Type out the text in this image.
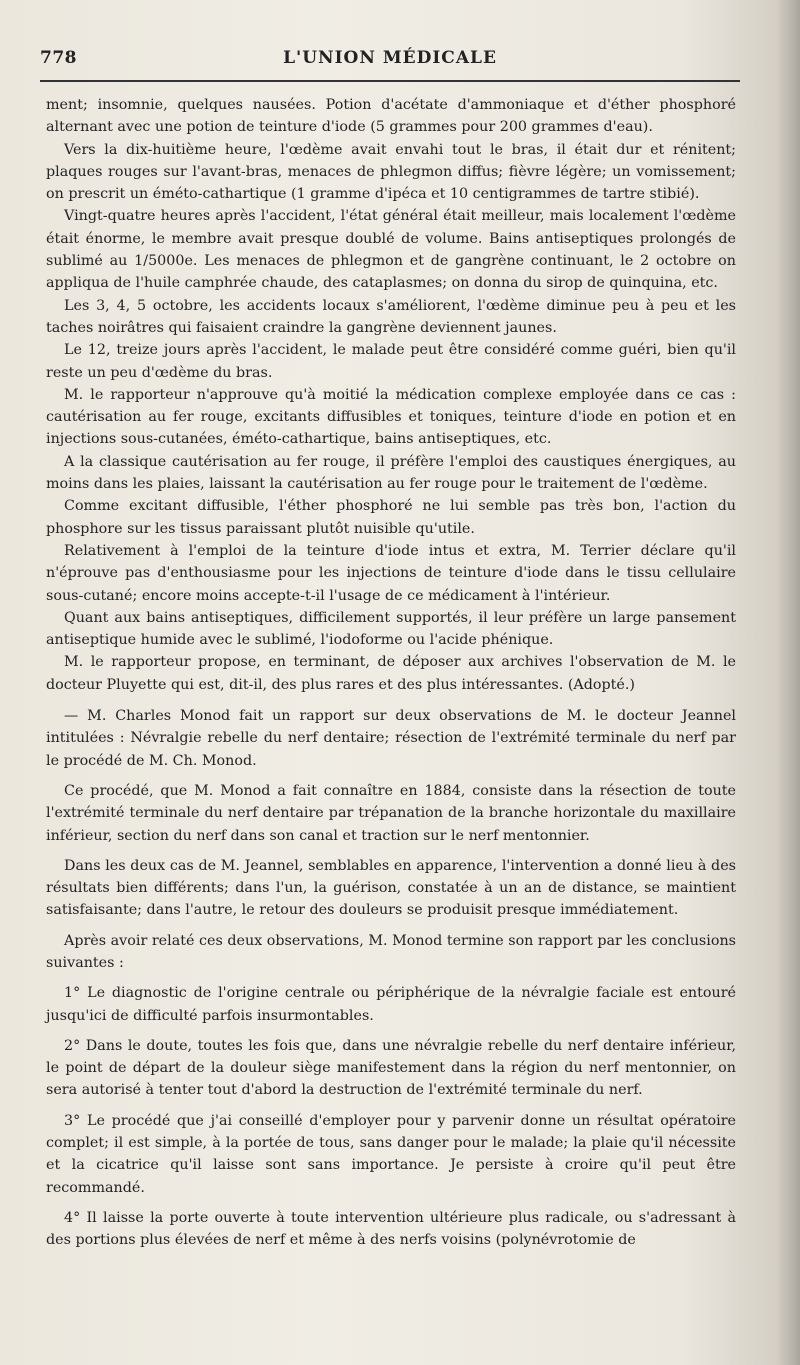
778	L'UNION MÉDICALE

ment; insomnie, quelques nausées. Potion d'acétate d'ammoniaque et d'éther phosphoré alternant avec une potion de teinture d'iode (5 grammes pour 200 grammes d'eau).

Vers la dix-huitième heure, l'œdème avait envahi tout le bras, il était dur et rénitent; plaques rouges sur l'avant-bras, menaces de phlegmon diffus; fièvre légère; un vomissement; on prescrit un éméto-cathartique (1 gramme d'ipéca et 10 centigrammes de tartre stibié).

Vingt-quatre heures après l'accident, l'état général était meilleur, mais localement l'œdème était énorme, le membre avait presque doublé de volume. Bains antiseptiques prolongés de sublimé au 1/5000e. Les menaces de phlegmon et de gangrène continuant, le 2 octobre on appliqua de l'huile camphrée chaude, des cataplasmes; on donna du sirop de quinquina, etc.

Les 3, 4, 5 octobre, les accidents locaux s'améliorent, l'œdème diminue peu à peu et les taches noirâtres qui faisaient craindre la gangrène deviennent jaunes.

Le 12, treize jours après l'accident, le malade peut être considéré comme guéri, bien qu'il reste un peu d'œdème du bras.

M. le rapporteur n'approuve qu'à moitié la médication complexe employée dans ce cas : cautérisation au fer rouge, excitants diffusibles et toniques, teinture d'iode en potion et en injections sous-cutanées, éméto-cathartique, bains antiseptiques, etc.

A la classique cautérisation au fer rouge, il préfère l'emploi des caustiques énergiques, au moins dans les plaies, laissant la cautérisation au fer rouge pour le traitement de l'œdème.

Comme excitant diffusible, l'éther phosphoré ne lui semble pas très bon, l'action du phosphore sur les tissus paraissant plutôt nuisible qu'utile.

Relativement à l'emploi de la teinture d'iode intus et extra, M. Terrier déclare qu'il n'éprouve pas d'enthousiasme pour les injections de teinture d'iode dans le tissu cellulaire sous-cutané; encore moins accepte-t-il l'usage de ce médicament à l'intérieur.

Quant aux bains antiseptiques, difficilement supportés, il leur préfère un large pansement antiseptique humide avec le sublimé, l'iodoforme ou l'acide phénique.

M. le rapporteur propose, en terminant, de déposer aux archives l'observation de M. le docteur Pluyette qui est, dit-il, des plus rares et des plus intéressantes. (Adopté.)

— M. Charles Monod fait un rapport sur deux observations de M. le docteur Jeannel intitulées : Névralgie rebelle du nerf dentaire; résection de l'extrémité terminale du nerf par le procédé de M. Ch. Monod.

Ce procédé, que M. Monod a fait connaître en 1884, consiste dans la résection de toute l'extrémité terminale du nerf dentaire par trépanation de la branche horizontale du maxillaire inférieur, section du nerf dans son canal et traction sur le nerf mentonnier.

Dans les deux cas de M. Jeannel, semblables en apparence, l'intervention a donné lieu à des résultats bien différents; dans l'un, la guérison, constatée à un an de distance, se maintient satisfaisante; dans l'autre, le retour des douleurs se produisit presque immédiatement.

Après avoir relaté ces deux observations, M. Monod termine son rapport par les conclusions suivantes :

1° Le diagnostic de l'origine centrale ou périphérique de la névralgie faciale est entouré jusqu'ici de difficulté parfois insurmontables.

2° Dans le doute, toutes les fois que, dans une névralgie rebelle du nerf dentaire inférieur, le point de départ de la douleur siège manifestement dans la région du nerf mentonnier, on sera autorisé à tenter tout d'abord la destruction de l'extrémité terminale du nerf.

3° Le procédé que j'ai conseillé d'employer pour y parvenir donne un résultat opératoire complet; il est simple, à la portée de tous, sans danger pour le malade; la plaie qu'il nécessite et la cicatrice qu'il laisse sont sans importance. Je persiste à croire qu'il peut être recommandé.

4° Il laisse la porte ouverte à toute intervention ultérieure plus radicale, ou s'adressant à des portions plus élevées de nerf et même à des nerfs voisins (polynévrotomie de
